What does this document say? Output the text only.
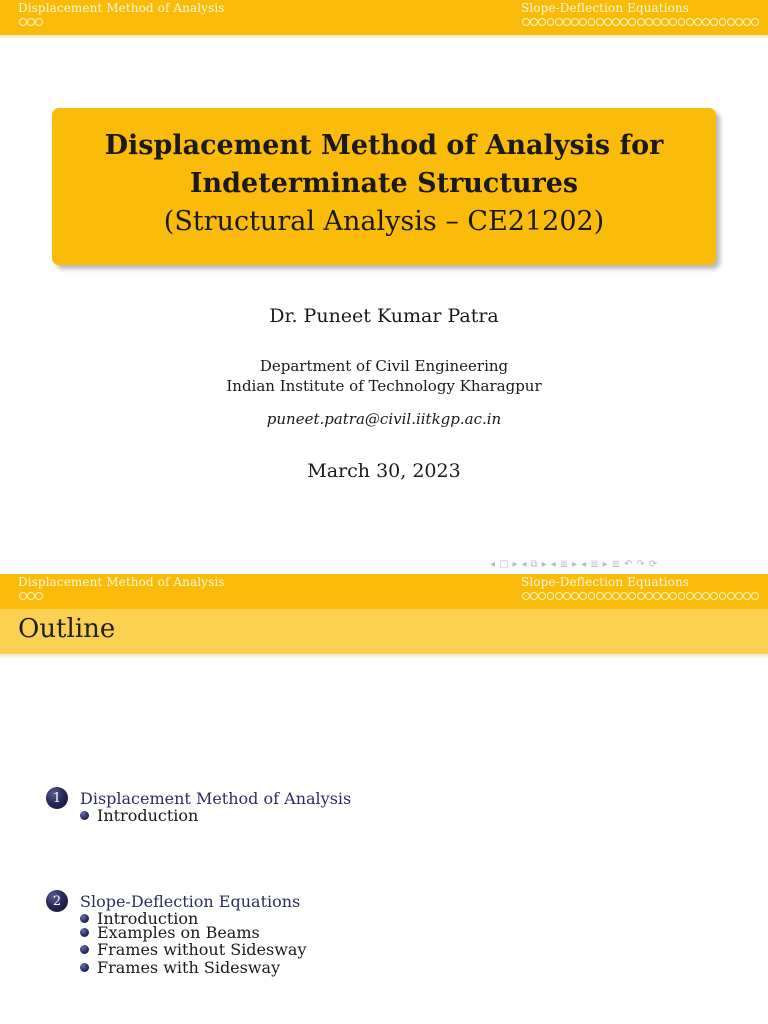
Displacement Method of Analysis	Slope-Deflection Equations
Displacement Method of Analysis for
Indeterminate Structures
(Structural Analysis – CE21202)
Dr. Puneet Kumar Patra
Department of Civil Engineering
Indian Institute of Technology Kharagpur
puneet.patra@civil.iitkgp.ac.in
March 30, 2023
◂ ▢ ▸ ◂ ⧉ ▸ ◂ ≣ ▸ ◂ ≣ ▸ ≣ ↶ ↷ ⟳
Displacement Method of Analysis	Slope-Deflection Equations
Outline
1	Displacement Method of Analysis
Introduction
2	Slope-Deflection Equations
Introduction
Examples on Beams
Frames without Sidesway
Frames with Sidesway
